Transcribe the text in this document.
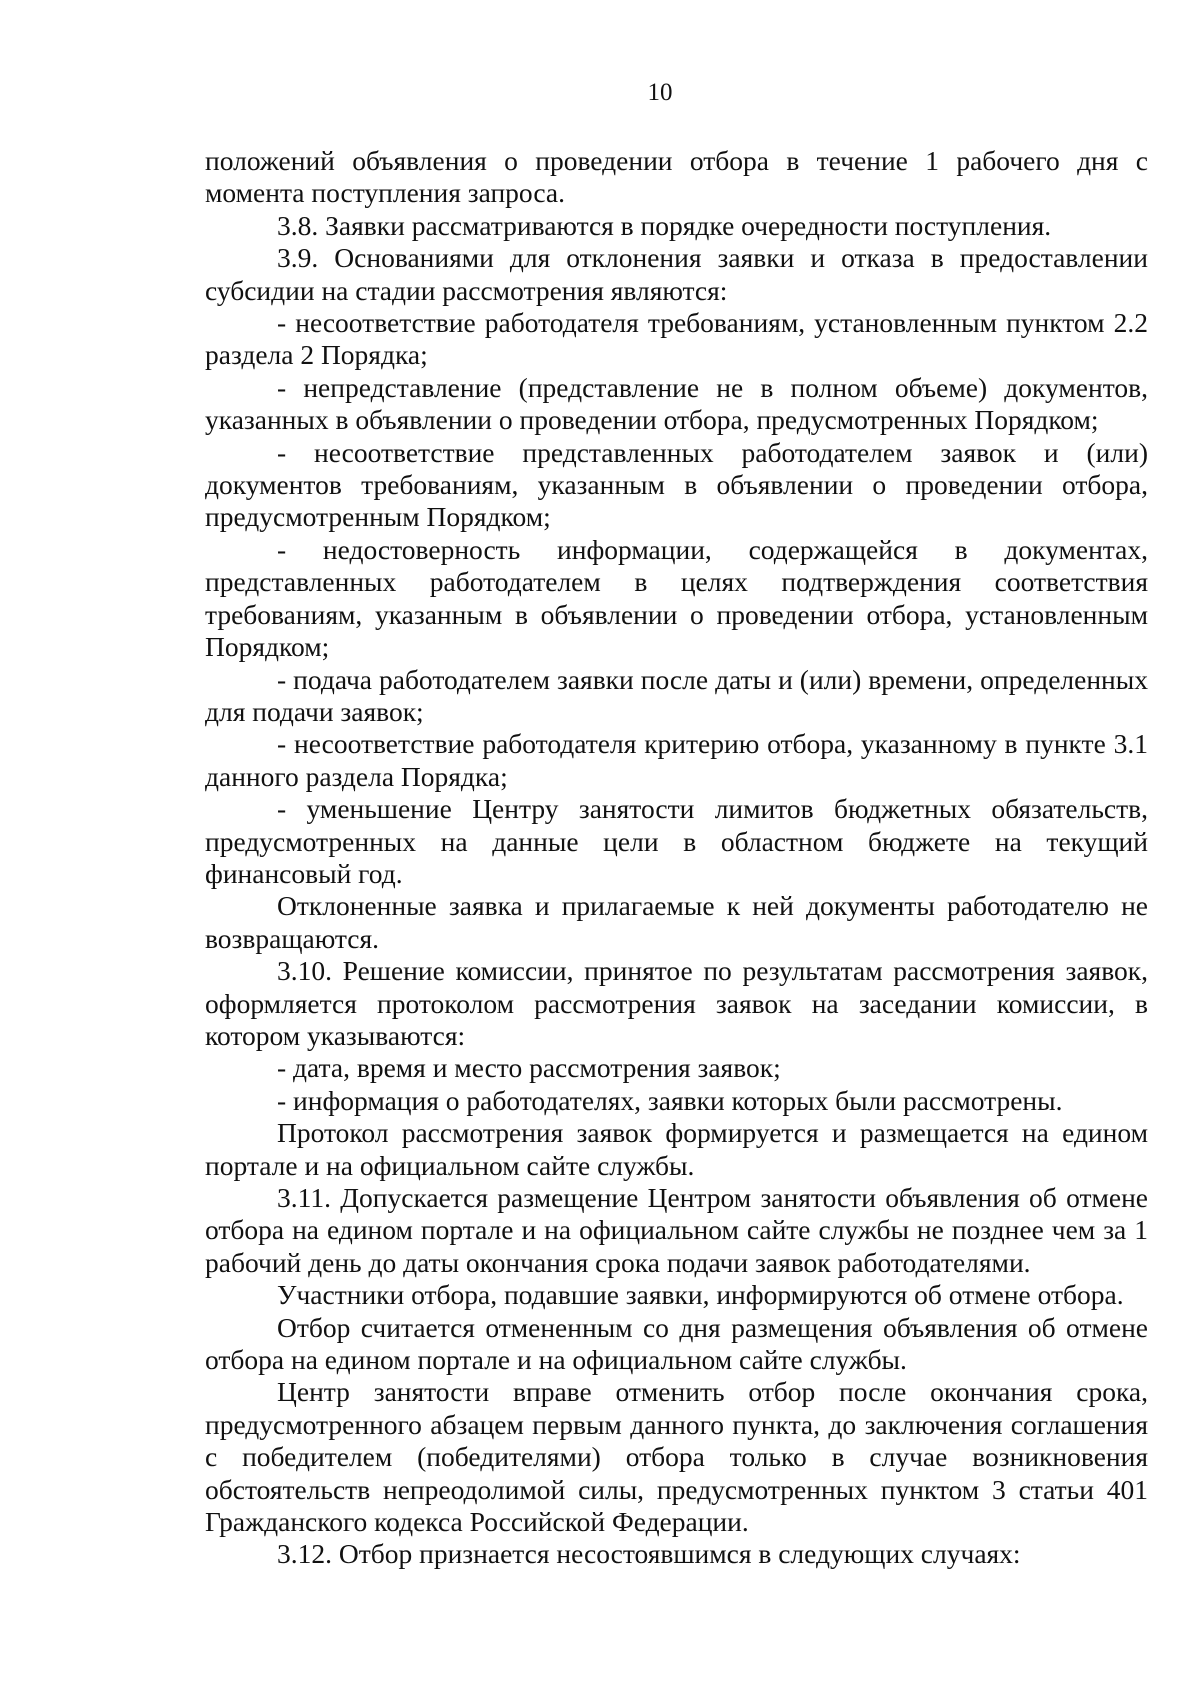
10

положений объявления о проведении отбора в течение 1 рабочего дня с момента поступления запроса.

3.8. Заявки рассматриваются в порядке очередности поступления.

3.9. Основаниями для отклонения заявки и отказа в предоставлении субсидии на стадии рассмотрения являются:

- несоответствие работодателя требованиям, установленным пунктом 2.2 раздела 2 Порядка;

- непредставление (представление не в полном объеме) документов, указанных в объявлении о проведении отбора, предусмотренных Порядком;

- несоответствие представленных работодателем заявок и (или) документов требованиям, указанным в объявлении о проведении отбора, предусмотренным Порядком;

- недостоверность информации, содержащейся в документах, представленных работодателем в целях подтверждения соответствия требованиям, указанным в объявлении о проведении отбора, установленным Порядком;

- подача работодателем заявки после даты и (или) времени, определенных для подачи заявок;

- несоответствие работодателя критерию отбора, указанному в пункте 3.1 данного раздела Порядка;

- уменьшение Центру занятости лимитов бюджетных обязательств, предусмотренных на данные цели в областном бюджете на текущий финансовый год.

Отклоненные заявка и прилагаемые к ней документы работодателю не возвращаются.

3.10. Решение комиссии, принятое по результатам рассмотрения заявок, оформляется протоколом рассмотрения заявок на заседании комиссии, в котором указываются:

- дата, время и место рассмотрения заявок;

- информация о работодателях, заявки которых были рассмотрены.

Протокол рассмотрения заявок формируется и размещается на едином портале и на официальном сайте службы.

3.11. Допускается размещение Центром занятости объявления об отмене отбора на едином портале и на официальном сайте службы не позднее чем за 1 рабочий день до даты окончания срока подачи заявок работодателями.

Участники отбора, подавшие заявки, информируются об отмене отбора.

Отбор считается отмененным со дня размещения объявления об отмене отбора на едином портале и на официальном сайте службы.

Центр занятости вправе отменить отбор после окончания срока, предусмотренного абзацем первым данного пункта, до заключения соглашения с победителем (победителями) отбора только в случае возникновения обстоятельств непреодолимой силы, предусмотренных пунктом 3 статьи 401 Гражданского кодекса Российской Федерации.

3.12. Отбор признается несостоявшимся в следующих случаях:
